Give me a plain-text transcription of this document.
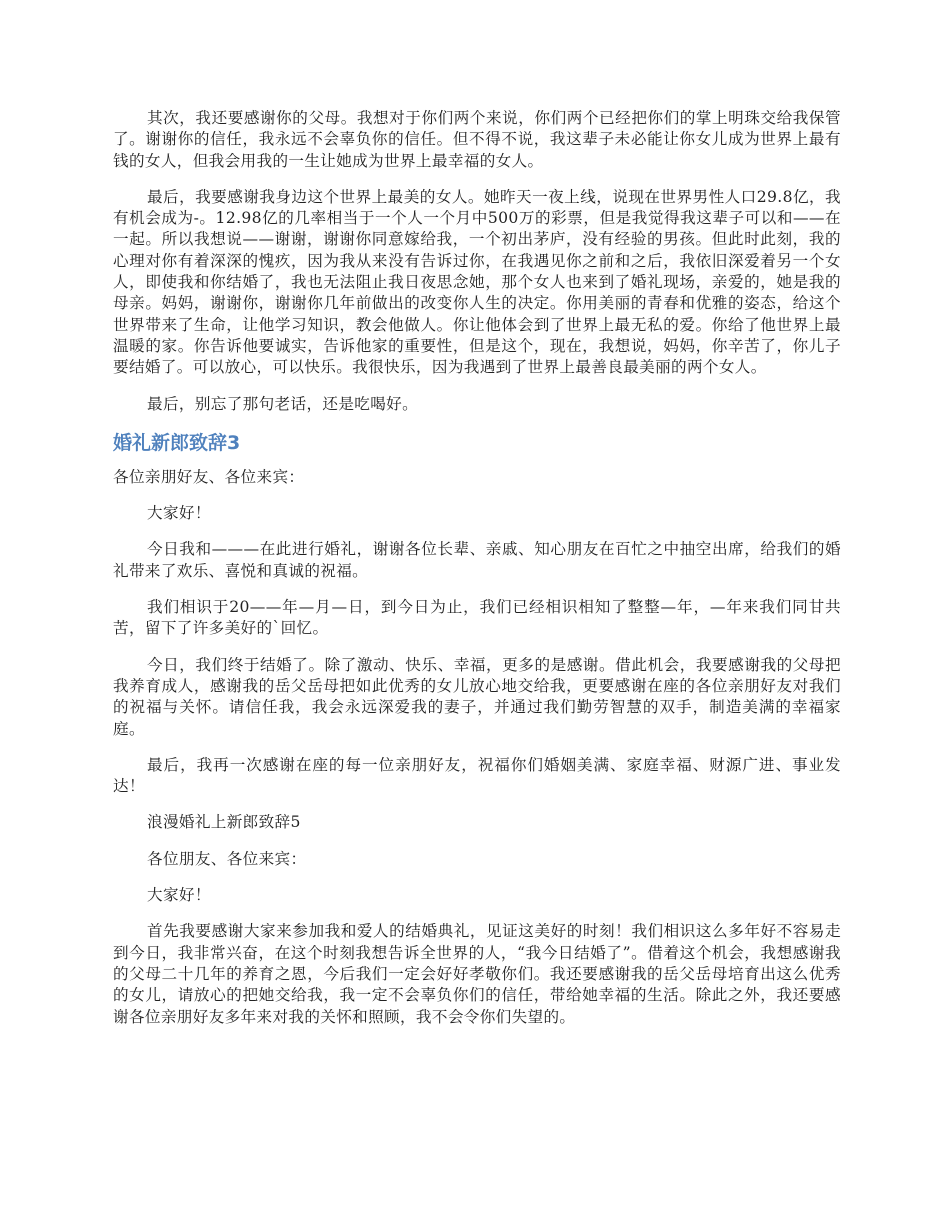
其次，我还要感谢你的父母。我想对于你们两个来说，你们两个已经把你们的掌上明珠交给我保管了。谢谢你的信任，我永远不会辜负你的信任。但不得不说，我这辈子未必能让你女儿成为世界上最有钱的女人，但我会用我的一生让她成为世界上最幸福的女人。

最后，我要感谢我身边这个世界上最美的女人。她昨天一夜上线，说现在世界男性人口29.8亿，我有机会成为-。12.98亿的几率相当于一个人一个月中500万的彩票，但是我觉得我这辈子可以和——在一起。所以我想说——谢谢，谢谢你同意嫁给我，一个初出茅庐，没有经验的男孩。但此时此刻，我的心理对你有着深深的愧疚，因为我从来没有告诉过你，在我遇见你之前和之后，我依旧深爱着另一个女人，即使我和你结婚了，我也无法阻止我日夜思念她，那个女人也来到了婚礼现场，亲爱的，她是我的母亲。妈妈，谢谢你，谢谢你几年前做出的改变你人生的决定。你用美丽的青春和优雅的姿态，给这个世界带来了生命，让他学习知识，教会他做人。你让他体会到了世界上最无私的爱。你给了他世界上最温暖的家。你告诉他要诚实，告诉他家的重要性，但是这个，现在，我想说，妈妈，你辛苦了，你儿子要结婚了。可以放心，可以快乐。我很快乐，因为我遇到了世界上最善良最美丽的两个女人。

最后，别忘了那句老话，还是吃喝好。

婚礼新郎致辞3

各位亲朋好友、各位来宾：

大家好！

今日我和———在此进行婚礼，谢谢各位长辈、亲戚、知心朋友在百忙之中抽空出席，给我们的婚礼带来了欢乐、喜悦和真诚的祝福。

我们相识于20——年—月—日，到今日为止，我们已经相识相知了整整—年，—年来我们同甘共苦，留下了许多美好的`回忆。

今日，我们终于结婚了。除了激动、快乐、幸福，更多的是感谢。借此机会，我要感谢我的父母把我养育成人，感谢我的岳父岳母把如此优秀的女儿放心地交给我，更要感谢在座的各位亲朋好友对我们的祝福与关怀。请信任我，我会永远深爱我的妻子，并通过我们勤劳智慧的双手，制造美满的幸福家庭。

最后，我再一次感谢在座的每一位亲朋好友，祝福你们婚姻美满、家庭幸福、财源广进、事业发达！

浪漫婚礼上新郎致辞5

各位朋友、各位来宾：

大家好！

首先我要感谢大家来参加我和爱人的结婚典礼，见证这美好的时刻！我们相识这么多年好不容易走到今日，我非常兴奋，在这个时刻我想告诉全世界的人，“我今日结婚了”。借着这个机会，我想感谢我的父母二十几年的养育之恩，今后我们一定会好好孝敬你们。我还要感谢我的岳父岳母培育出这么优秀的女儿，请放心的把她交给我，我一定不会辜负你们的信任，带给她幸福的生活。除此之外，我还要感谢各位亲朋好友多年来对我的关怀和照顾，我不会令你们失望的。
